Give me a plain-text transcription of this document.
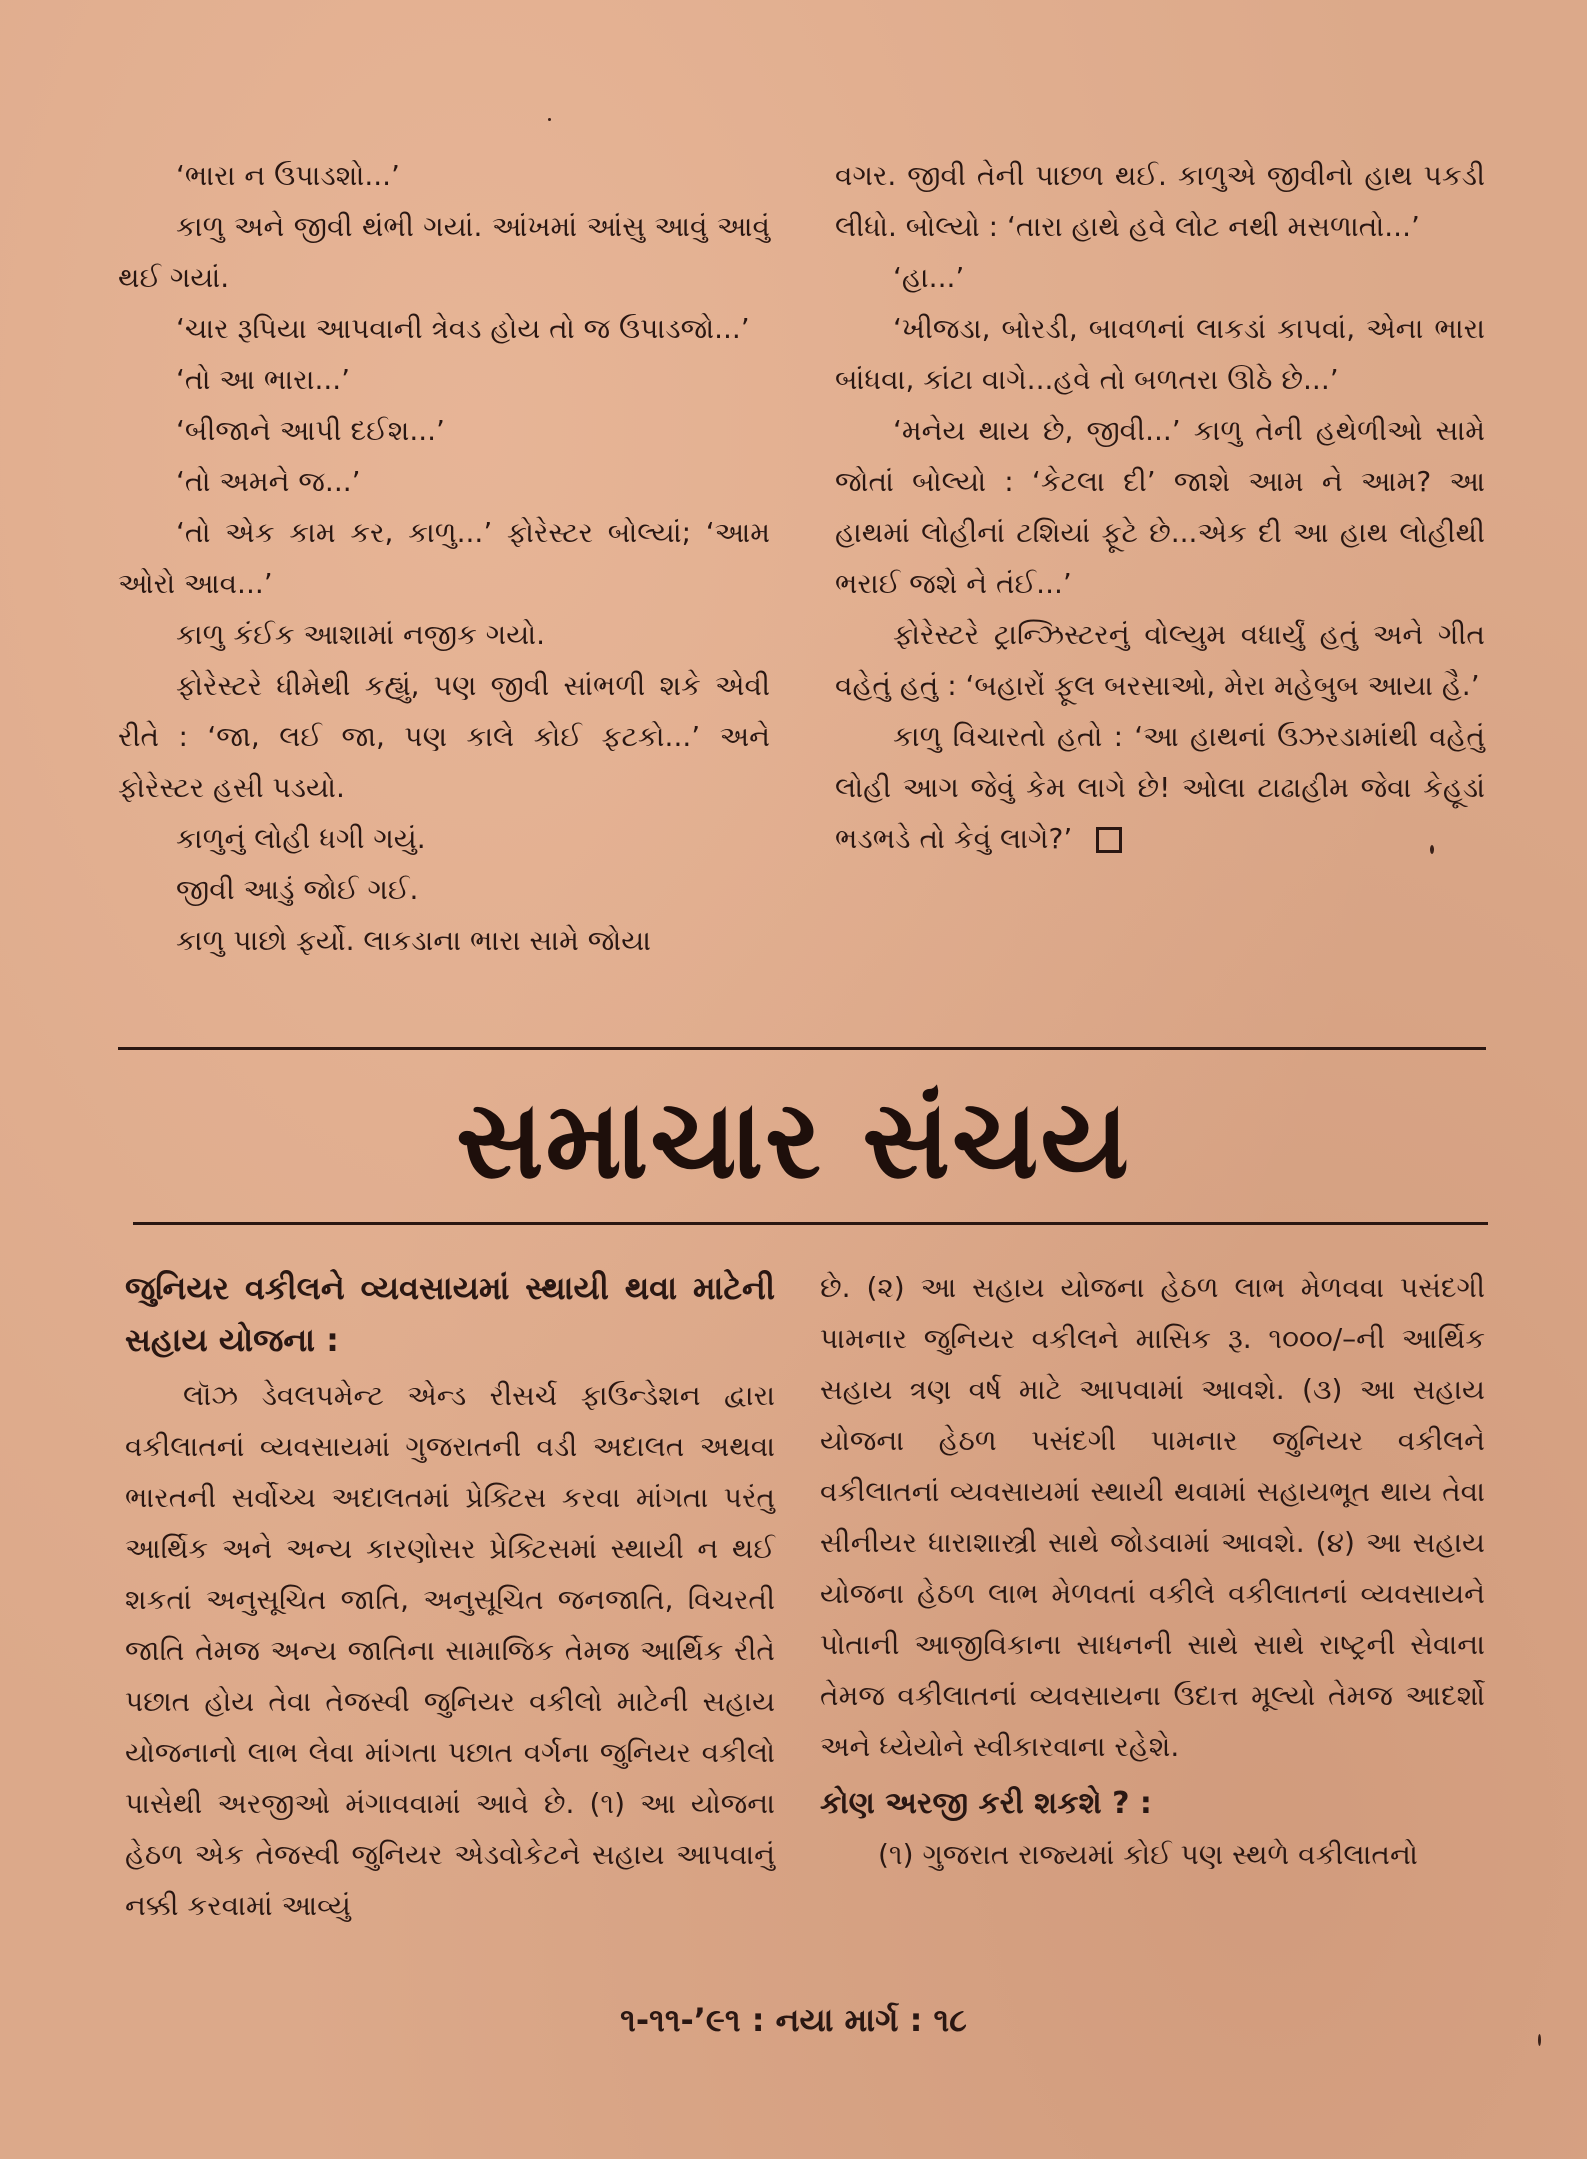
‘ભારા ન ઉપાડશો...’

કાળુ અને જીવી થંભી ગયાં. આંખમાં આંસુ આવું આવું થઈ ગયાં.

‘ચાર રૂપિયા આપવાની ત્રેવડ હોય તો જ ઉપાડજો...’

‘તો આ ભારા...’

‘બીજાને આપી દઈશ...’

‘તો અમને જ...’

‘તો એક કામ કર, કાળુ...’ ફોરેસ્ટર બોલ્યાં; ‘આમ ઓરો આવ...’

કાળુ કંઈક આશામાં નજીક ગયો.

ફોરેસ્ટરે ધીમેથી કહ્યું, પણ જીવી સાંભળી શકે એવી રીતે : ‘જા, લઈ જા, પણ કાલે કોઈ ફટકો...’ અને ફોરેસ્ટર હસી પડયો.

કાળુનું લોહી ધગી ગયું.

જીવી આડું જોઈ ગઈ.

કાળુ પાછો ફર્યો. લાકડાના ભારા સામે જોયા

વગર. જીવી તેની પાછળ થઈ. કાળુએ જીવીનો હાથ પકડી લીધો. બોલ્યો : ‘તારા હાથે હવે લોટ નથી મસળાતો...’

‘હા...’

‘ખીજડા, બોરડી, બાવળનાં લાકડાં કાપવાં, એના ભારા બાંધવા, કાંટા વાગે...હવે તો બળતરા ઊઠે છે...’

‘મનેય થાય છે, જીવી...’ કાળુ તેની હથેળીઓ સામે જોતાં બોલ્યો : ‘કેટલા દી’ જાશે આમ ને આમ? આ હાથમાં લોહીનાં ટશિયાં ફૂટે છે...એક દી આ હાથ લોહીથી ભરાઈ જશે ને તંઈ...’

ફોરેસ્ટરે ટ્રાન્ઝિસ્ટરનું વોલ્યુમ વધાર્યું હતું અને ગીત વહેતું હતું : ‘બહારોં ફૂલ બરસાઓ, મેરા મહેબુબ આયા હૈ.’

કાળુ વિચારતો હતો : ‘આ હાથનાં ઉઝરડામાંથી વહેતું લોહી આગ જેવું કેમ લાગે છે! ઓલા ટાઢાહીમ જેવા કેહૂડાં ભડભડે તો કેવું લાગે?’

સમાચાર સંચય

જુનિયર વકીલને વ્યવસાયમાં સ્થાયી થવા માટેની સહાય યોજના :

લૉઝ ડેવલપમેન્ટ એન્ડ રીસર્ચ ફાઉન્ડેશન દ્વારા વકીલાતનાં વ્યવસાયમાં ગુજરાતની વડી અદાલત અથવા ભારતની સર્વોચ્ચ અદાલતમાં પ્રેક્ટિસ કરવા માંગતા પરંતુ આર્થિક અને અન્ય કારણોસર પ્રેક્ટિસમાં સ્થાયી ન થઈ શકતાં અનુસૂચિત જાતિ, અનુસૂચિત જનજાતિ, વિચરતી જાતિ તેમજ અન્ય જાતિના સામાજિક તેમજ આર્થિક રીતે પછાત હોય તેવા તેજસ્વી જુનિયર વકીલો માટેની સહાય યોજનાનો લાભ લેવા માંગતા પછાત વર્ગના જુનિયર વકીલો પાસેથી અરજીઓ મંગાવવામાં આવે છે. (૧) આ યોજના હેઠળ એક તેજસ્વી જુનિયર એડવોકેટને સહાય આપવાનું નક્કી કરવામાં આવ્યું

છે. (૨) આ સહાય યોજના હેઠળ લાભ મેળવવા પસંદગી પામનાર જુનિયર વકીલને માસિક રૂ. ૧૦૦૦/–ની આર્થિક સહાય ત્રણ વર્ષ માટે આપવામાં આવશે. (૩) આ સહાય યોજના હેઠળ પસંદગી પામનાર જુનિયર વકીલને વકીલાતનાં વ્યવસાયમાં સ્થાયી થવામાં સહાયભૂત થાય તેવા સીનીયર ધારાશાસ્ત્રી સાથે જોડવામાં આવશે. (૪) આ સહાય યોજના હેઠળ લાભ મેળવતાં વકીલે વકીલાતનાં વ્યવસાયને પોતાની આજીવિકાના સાધનની સાથે સાથે રાષ્ટ્રની સેવાના તેમજ વકીલાતનાં વ્યવસાયના ઉદાત્ત મૂલ્યો તેમજ આદર્શો અને ધ્યેયોને સ્વીકારવાના રહેશે.

કોણ અરજી કરી શકશે ? :

(૧) ગુજરાત રાજ્યમાં કોઈ પણ સ્થળે વકીલાતનો

૧-૧૧-’૯૧ : નયા માર્ગ : ૧૮
